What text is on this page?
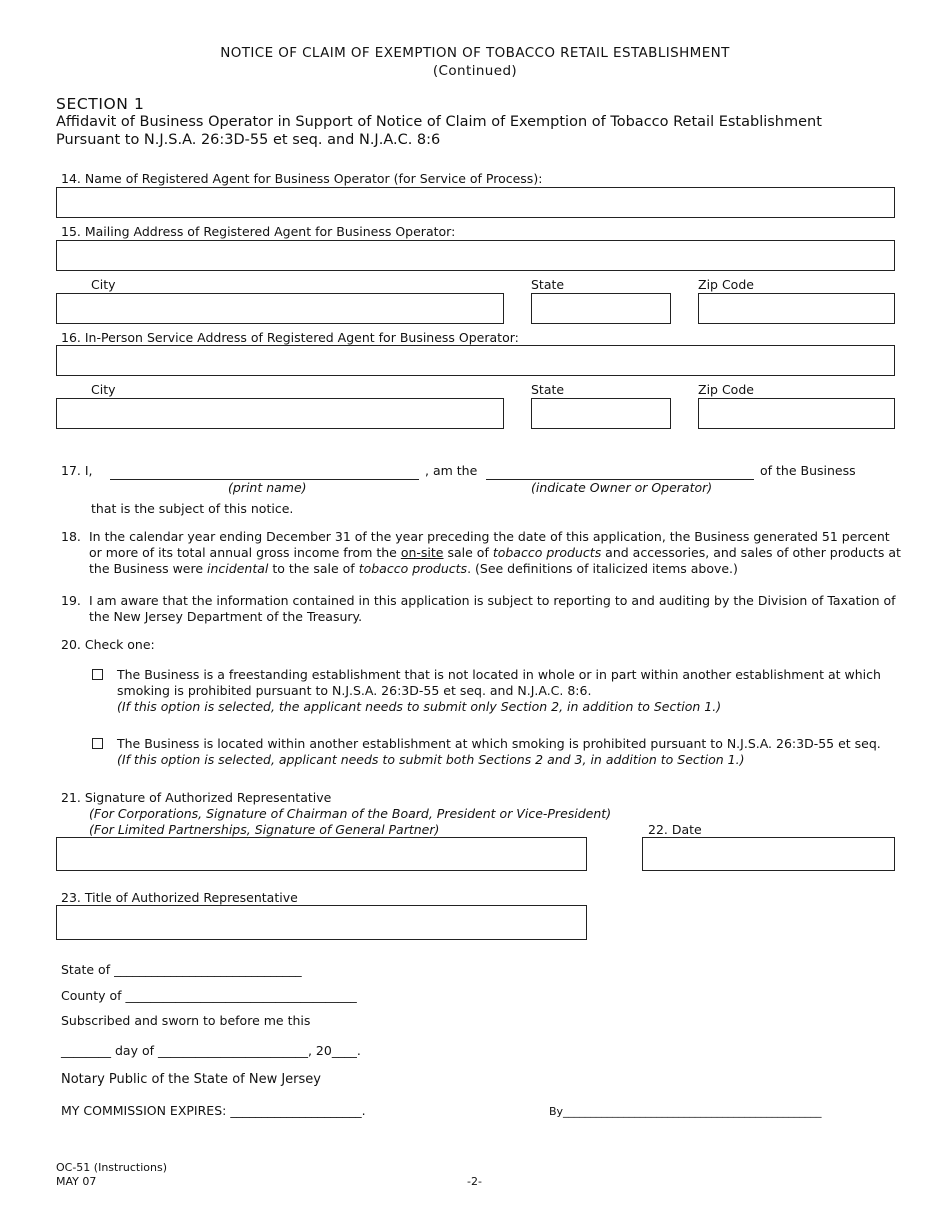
NOTICE OF CLAIM OF EXEMPTION OF TOBACCO RETAIL ESTABLISHMENT
(Continued)
SECTION 1
Affidavit of Business Operator in Support of Notice of Claim of Exemption of Tobacco Retail Establishment
Pursuant to N.J.S.A. 26:3D-55 et seq. and N.J.A.C. 8:6
14. Name of Registered Agent for Business Operator (for Service of Process):
15. Mailing Address of Registered Agent for Business Operator:
City	State	Zip Code
16. In-Person Service Address of Registered Agent for Business Operator:
City	State	Zip Code
17. I,	, am the	of the Business
(print name)	(indicate Owner or Operator)
that is the subject of this notice.
18. In the calendar year ending December 31 of the year preceding the date of this application, the Business generated 51 percent
or more of its total annual gross income from the on-site sale of tobacco products and accessories, and sales of other products at
the Business were incidental to the sale of tobacco products. (See definitions of italicized items above.)
19. I am aware that the information contained in this application is subject to reporting to and auditing by the Division of Taxation of
the New Jersey Department of the Treasury.
20. Check one:
The Business is a freestanding establishment that is not located in whole or in part within another establishment at which
smoking is prohibited pursuant to N.J.S.A. 26:3D-55 et seq. and N.J.A.C. 8:6.
(If this option is selected, the applicant needs to submit only Section 2, in addition to Section 1.)
The Business is located within another establishment at which smoking is prohibited pursuant to N.J.S.A. 26:3D-55 et seq.
(If this option is selected, applicant needs to submit both Sections 2 and 3, in addition to Section 1.)
21. Signature of Authorized Representative
(For Corporations, Signature of Chairman of the Board, President or Vice-President)
(For Limited Partnerships, Signature of General Partner)	22. Date
23. Title of Authorized Representative
State of ______________________________
County of _____________________________________
Subscribed and sworn to before me this
________ day of ________________________, 20____.
Notary Public of the State of New Jersey
MY COMMISSION EXPIRES: _____________________.	By_______________________________________________
OC-51 (Instructions)
MAY 07	-2-
